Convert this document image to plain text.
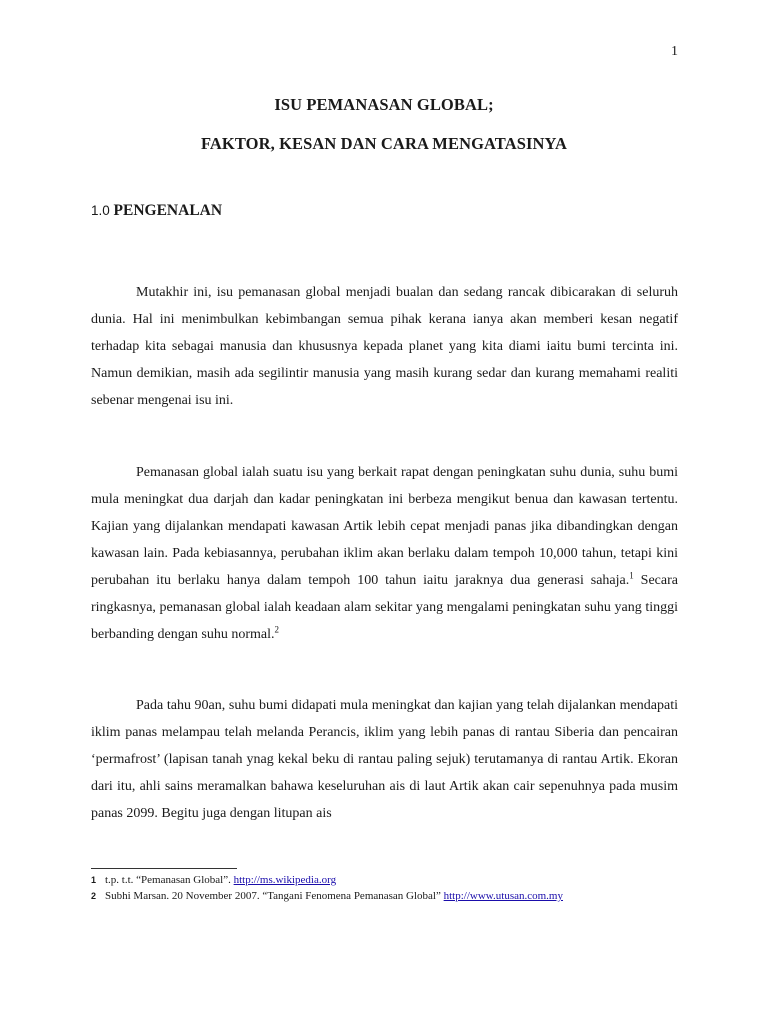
1
ISU PEMANASAN GLOBAL;
FAKTOR, KESAN DAN CARA MENGATASINYA
1.0 PENGENALAN

Mutakhir ini, isu pemanasan global menjadi bualan dan sedang rancak dibicarakan di seluruh dunia. Hal ini menimbulkan kebimbangan semua pihak kerana ianya akan memberi kesan negatif terhadap kita sebagai manusia dan khususnya kepada planet yang kita diami iaitu bumi tercinta ini. Namun demikian, masih ada segilintir manusia yang masih kurang sedar dan kurang memahami realiti sebenar mengenai isu ini.

Pemanasan global ialah suatu isu yang berkait rapat dengan peningkatan suhu dunia, suhu bumi mula meningkat dua darjah dan kadar peningkatan ini berbeza mengikut benua dan kawasan tertentu. Kajian yang dijalankan mendapati kawasan Artik lebih cepat menjadi panas jika dibandingkan dengan kawasan lain. Pada kebiasannya, perubahan iklim akan berlaku dalam tempoh 10,000 tahun, tetapi kini perubahan itu berlaku hanya dalam tempoh 100 tahun iaitu jaraknya dua generasi sahaja.$^1$ Secara ringkasnya, pemanasan global ialah keadaan alam sekitar yang mengalami peningkatan suhu yang tinggi berbanding dengan suhu normal.$^2$

Pada tahu 90an, suhu bumi didapati mula meningkat dan kajian yang telah dijalankan mendapati iklim panas melampau telah melanda Perancis, iklim yang lebih panas di rantau Siberia dan pencairan ‘permafrost’ (lapisan tanah ynag kekal beku di rantau paling sejuk) terutamanya di rantau Artik. Ekoran dari itu, ahli sains meramalkan bahawa keseluruhan ais di laut Artik akan cair sepenuhnya pada musim panas 2099. Begitu juga dengan litupan ais

1 t.p. t.t. “Pemanasan Global”. http://ms.wikipedia.org
2 Subhi Marsan. 20 November 2007. “Tangani Fenomena Pemanasan Global” http://www.utusan.com.my
